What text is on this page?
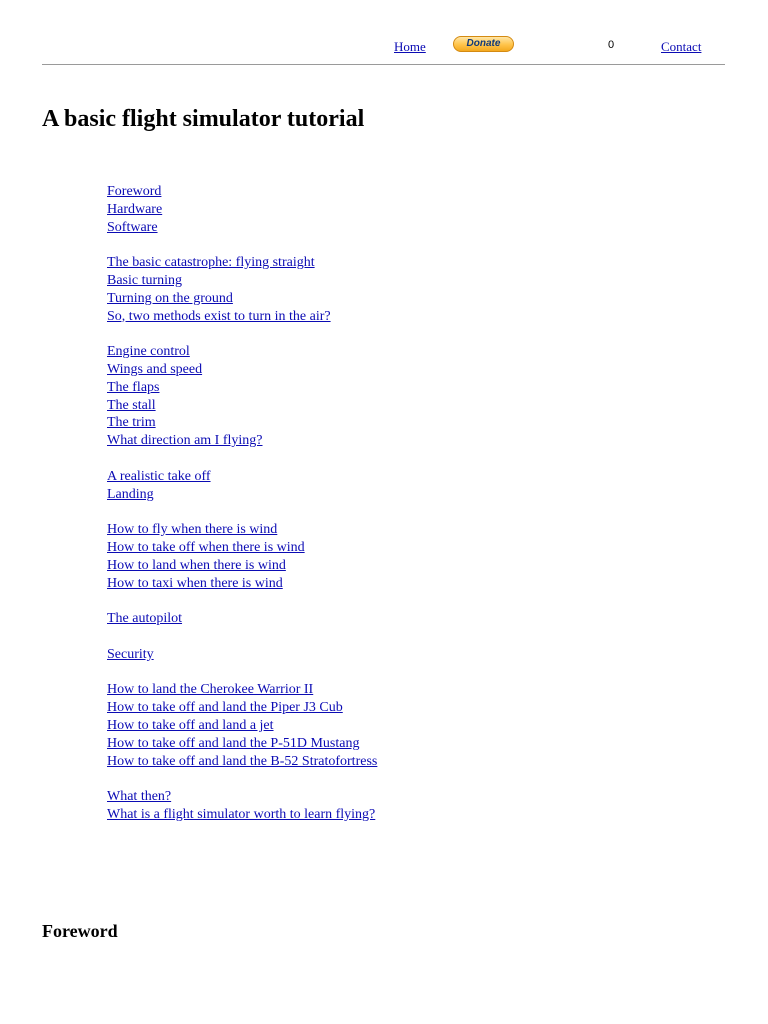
Home	Donate	0	Contact
A basic flight simulator tutorial
Foreword
Hardware
Software
The basic catastrophe: flying straight
Basic turning
Turning on the ground
So, two methods exist to turn in the air?
Engine control
Wings and speed
The flaps
The stall
The trim
What direction am I flying?
A realistic take off
Landing
How to fly when there is wind
How to take off when there is wind
How to land when there is wind
How to taxi when there is wind
The autopilot
Security
How to land the Cherokee Warrior II
How to take off and land the Piper J3 Cub
How to take off and land a jet
How to take off and land the P-51D Mustang
How to take off and land the B-52 Stratofortress
What then?
What is a flight simulator worth to learn flying?
Foreword
